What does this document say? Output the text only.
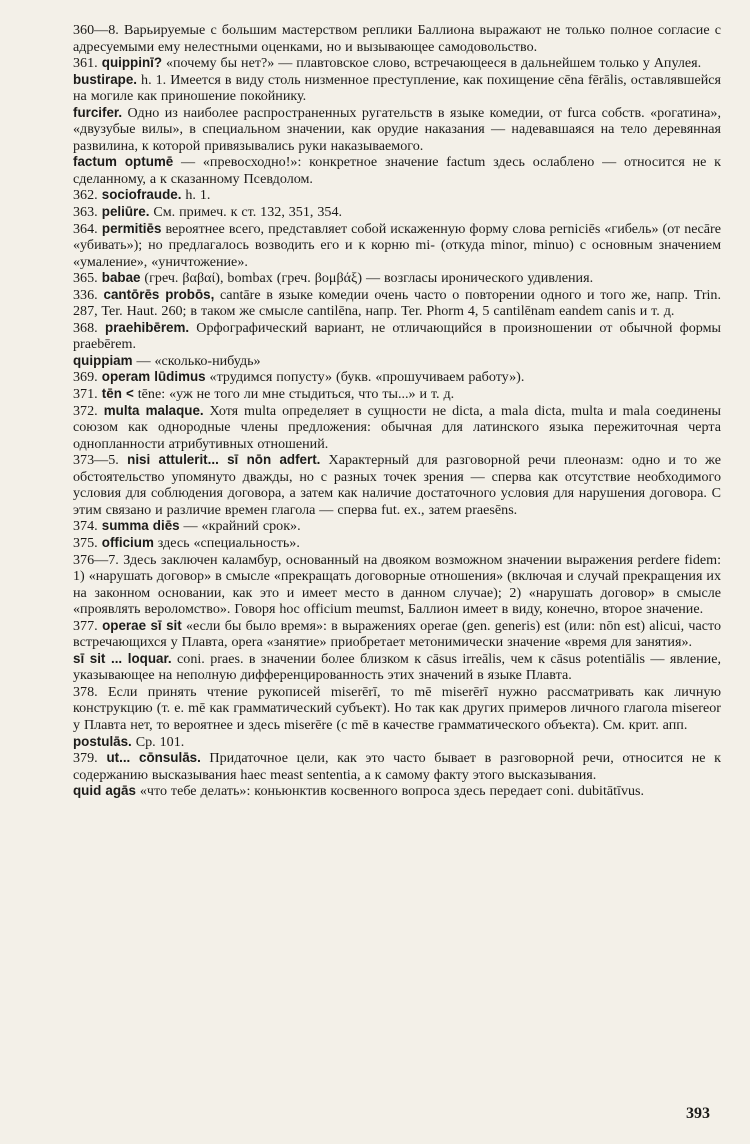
360—8. Варьируемые с большим мастерством реплики Баллиона выражают не только полное согласие с адресуемыми ему нелестными оценками, но и вызывающее самодовольство.

361. quippinī? «почему бы нет?» — плавтовское слово, встречающееся в дальнейшем только у Апулея.

bustirape. h. 1. Имеется в виду столь низменное преступление, как похищение cēna fērālis, оставлявшейся на могиле как приношение покойнику.

furcifer. Одно из наиболее распространенных ругательств в языке комедии, от furca собств. «рогатина», «двузубые вилы», в специальном значении, как орудие наказания — надевавшаяся на тело деревянная развилина, к которой привязывались руки наказываемого.

factum optumē — «превосходно!»: конкретное значение factum здесь ослаблено — относится не к сделанному, а к сказанному Псевдолом.

362. sociofraude. h. 1.

363. peliūre. См. примеч. к ст. 132, 351, 354.

364. permitiēs вероятнее всего, представляет собой искаженную форму слова perniciēs «гибель» (от necāre «убивать»); но предлагалось возводить его и к корню mi- (откуда minor, minuo) с основным значением «умаление», «уничтожение».

365. babae (греч. βαβαί), bombax (греч. βομβάξ) — возгласы иронического удивления.

336. cantōrēs probōs, cantāre в языке комедии очень часто о повторении одного и того же, напр. Trin. 287, Ter. Haut. 260; в таком же смысле cantilēna, напр. Ter. Phorm 4, 5 cantilēnam eandem canis и т. д.

368. praehibērem. Орфографический вариант, не отличающийся в произношении от обычной формы praebērem.

quippiam — «сколько-нибудь»

369. operam lūdimus «трудимся попусту» (букв. «прошучиваем работу»).

371. tēn < tēne: «уж не того ли мне стыдиться, что ты...» и т. д.

372. multa malaque. Хотя multa определяет в сущности не dicta, а mala dicta, multa и mala соединены союзом как однородные члены предложения: обычная для латинского языка пережиточная черта однопланности атрибутивных отношений.

373—5. nisi attulerit... sī nōn adfert. Характерный для разговорной речи плеоназм: одно и то же обстоятельство упомянуто дважды, но с разных точек зрения — сперва как отсутствие необходимого условия для соблюдения договора, а затем как наличие достаточного условия для нарушения договора. С этим связано и различие времен глагола — сперва fut. ex., затем praesēns.

374. summa diēs — «крайний срок».

375. officium здесь «специальность».

376—7. Здесь заключен каламбур, основанный на двояком возможном значении выражения perdere fidem: 1) «нарушать договор» в смысле «прекращать договорные отношения» (включая и случай прекращения их на законном основании, как это и имеет место в данном случае); 2) «нарушать договор» в смысле «проявлять вероломство». Говоря hoc officium meumst, Баллион имеет в виду, конечно, второе значение.

377. operae sī sit «если бы было время»: в выражениях operae (gen. generis) est (или: nōn est) alicui, часто встречающихся у Плавта, opera «занятие» приобретает метонимически значение «время для занятия».

sī sit ... loquar. coni. praes. в значении более близком к cāsus irreālis, чем к cāsus potentiālis — явление, указывающее на неполную дифференцированность этих значений в языке Плавта.

378. Если принять чтение рукописей miserērī, то mē miserērī нужно рассматривать как личную конструкцию (т. е. mē как грамматический субъект). Но так как других примеров личного глагола misereor у Плавта нет, то вероятнее и здесь miserēre (с mē в качестве грамматического объекта). См. крит. апп.

postulās. Ср. 101.

379. ut... cōnsulās. Придаточное цели, как это часто бывает в разговорной речи, относится не к содержанию высказывания haec meast sententia, а к самому факту этого высказывания.

quid agās «что тебе делать»: коньюнктив косвенного вопроса здесь передает coni. dubitātīvus.

393
